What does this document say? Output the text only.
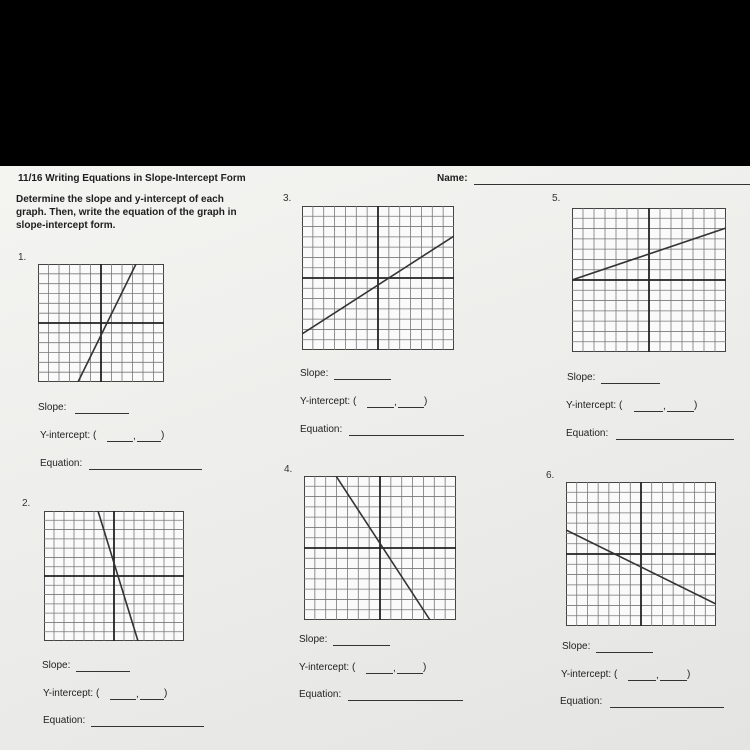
11/16 Writing Equations in Slope-Intercept Form	Name:
Determine the slope and y-intercept of each graph. Then, write the equation of the graph in slope-intercept form.
1.
Slope:
Y-intercept: (	,	)
Equation:
2.
Slope:
Y-intercept: (	,	)
Equation:
3.
Slope:
Y-intercept: (	,	)
Equation:
4.
Slope:
Y-intercept: (	,	)
Equation:
5.
Slope:
Y-intercept: (	,	)
Equation:
6.
Slope:
Y-intercept: (	,	)
Equation:
